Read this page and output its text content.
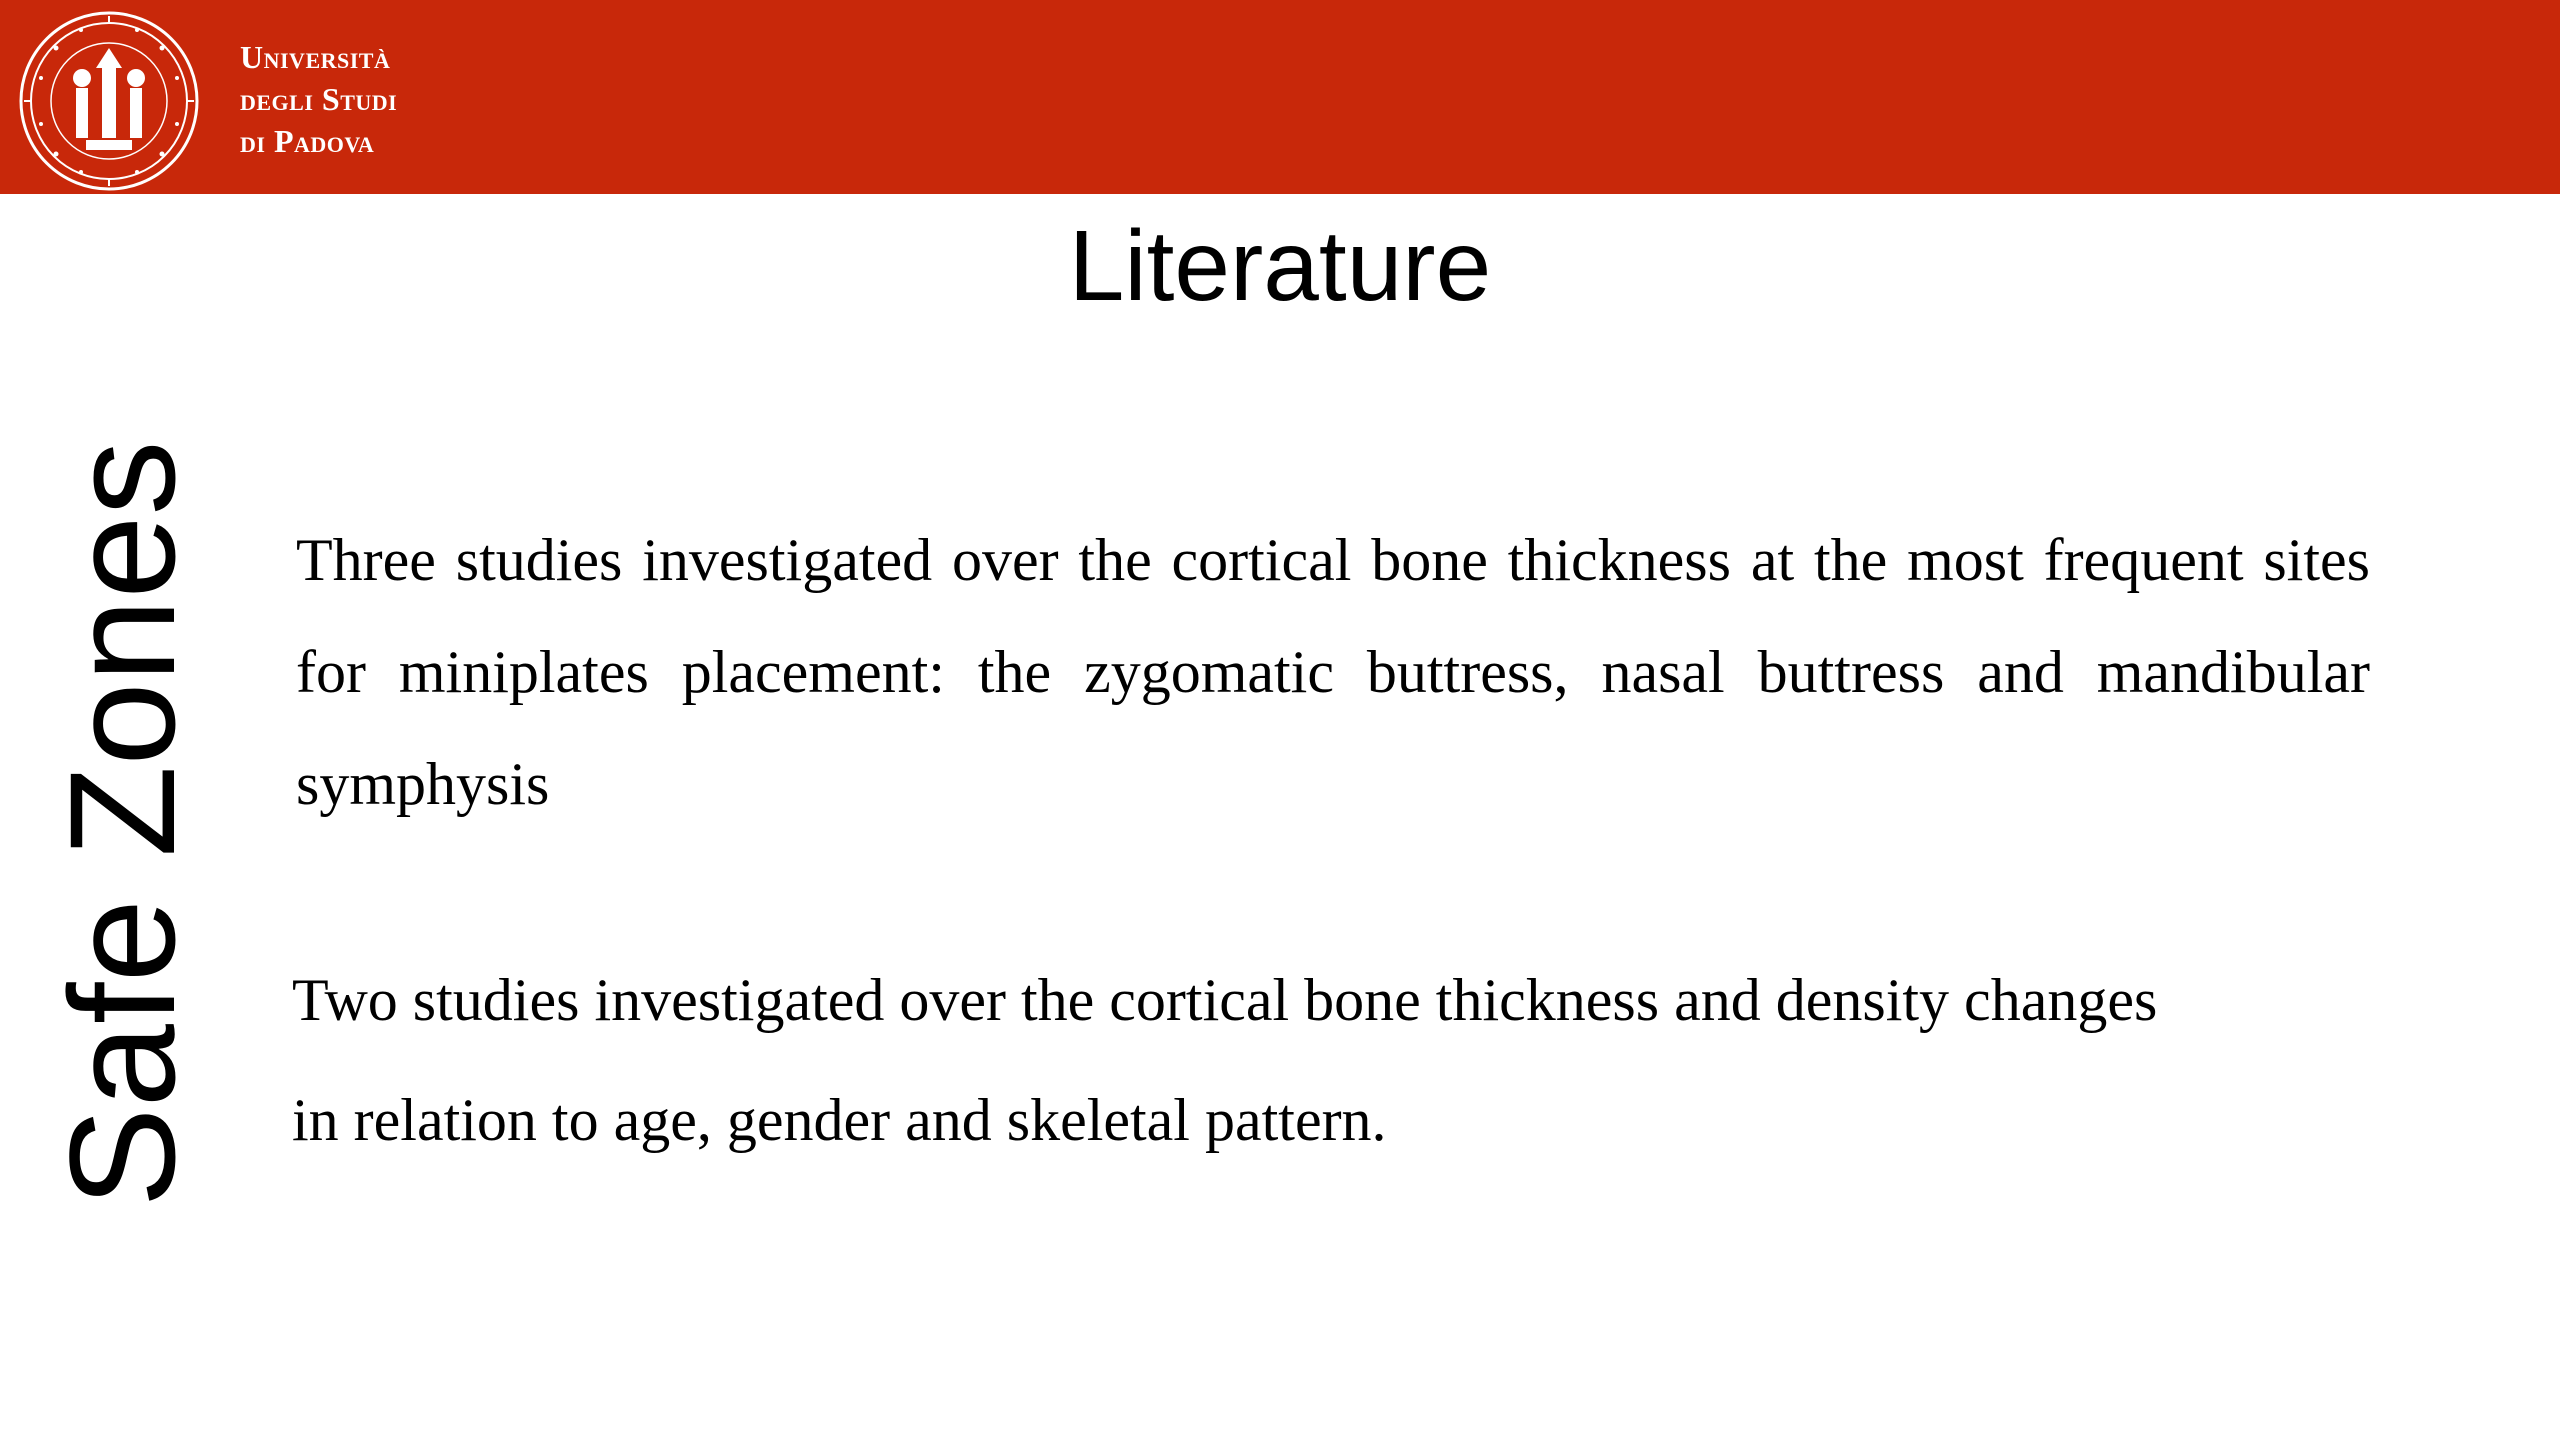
Università
degli Studi
di Padova
Literature
Safe Zones Three studies investigated over the cortical bone thickness at the most frequent sites for miniplates placement: the zygomatic buttress, nasal buttress and mandibular symphysis
Two studies investigated over the cortical bone thickness and density changes
in relation to age, gender and skeletal pattern.
